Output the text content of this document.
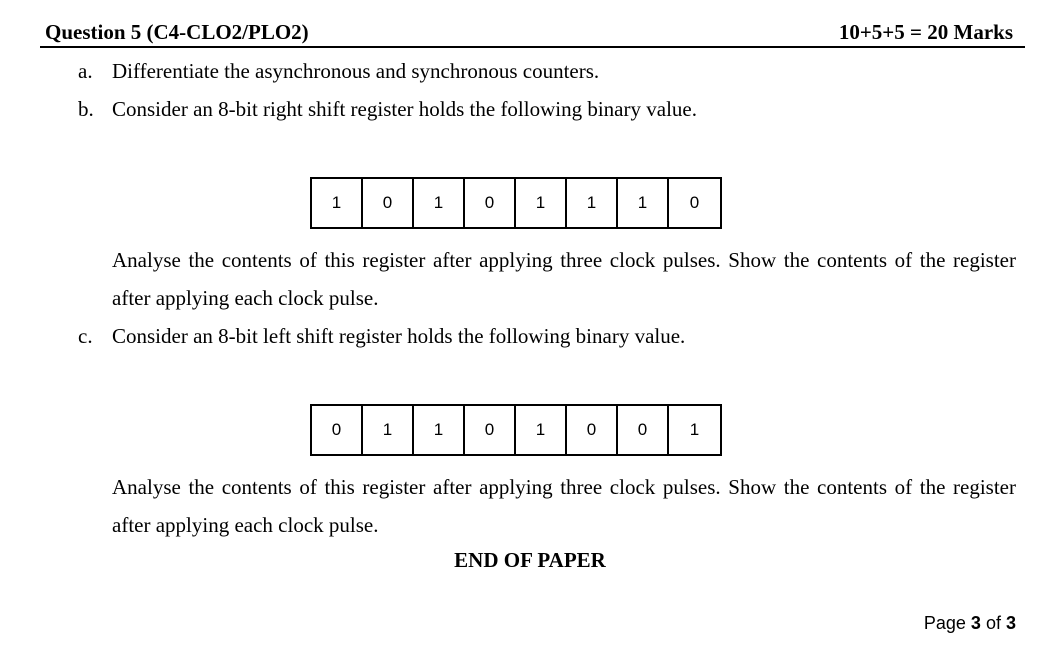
Question 5 (C4-CLO2/PLO2)	10+5+5 = 20 Marks
a. Differentiate the asynchronous and synchronous counters.
b. Consider an 8-bit right shift register holds the following binary value.
1	0	1	0	1	1	1	0
Analyse the contents of this register after applying three clock pulses. Show the contents of the register after applying each clock pulse.
c. Consider an 8-bit left shift register holds the following binary value.
0	1	1	0	1	0	0	1
Analyse the contents of this register after applying three clock pulses. Show the contents of the register after applying each clock pulse.
END OF PAPER
Page 3 of 3
